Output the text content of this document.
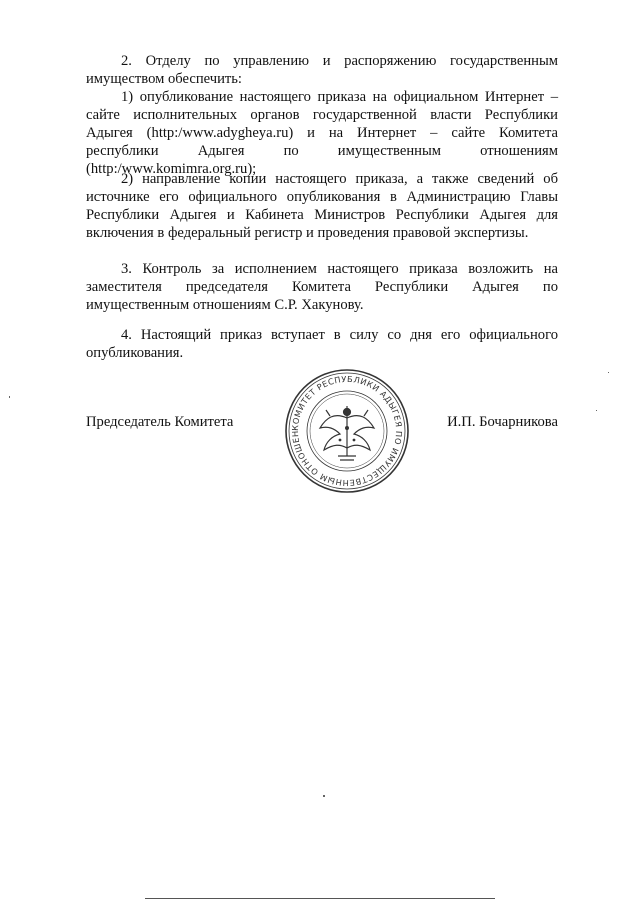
2. Отделу по управлению и распоряжению государственным имуществом обеспечить:

1) опубликование настоящего приказа на официальном Интернет – сайте исполнительных органов государственной власти Республики Адыгея (http:/www.adygheya.ru) и на Интернет – сайте Комитета республики Адыгея по имущественным отношениям (http:/www.komimra.org.ru);

2) направление копии настоящего приказа, а также сведений об источнике его официального опубликования в Администрацию Главы Республики Адыгея и Кабинета Министров Республики Адыгея для включения в федеральный регистр и проведения правовой экспертизы.

3. Контроль за исполнением настоящего приказа возложить на заместителя председателя Комитета Республики Адыгея по имущественным отношениям С.Р. Хакунову.

4. Настоящий приказ вступает в силу со дня его официального опубликования.

Председатель Комитета	КОМИТЕТ РЕСПУБЛИКИ АДЫГЕЯ ПО ИМУЩЕСТВЕННЫМ ОТНОШЕН
И.П. Бочарникова
